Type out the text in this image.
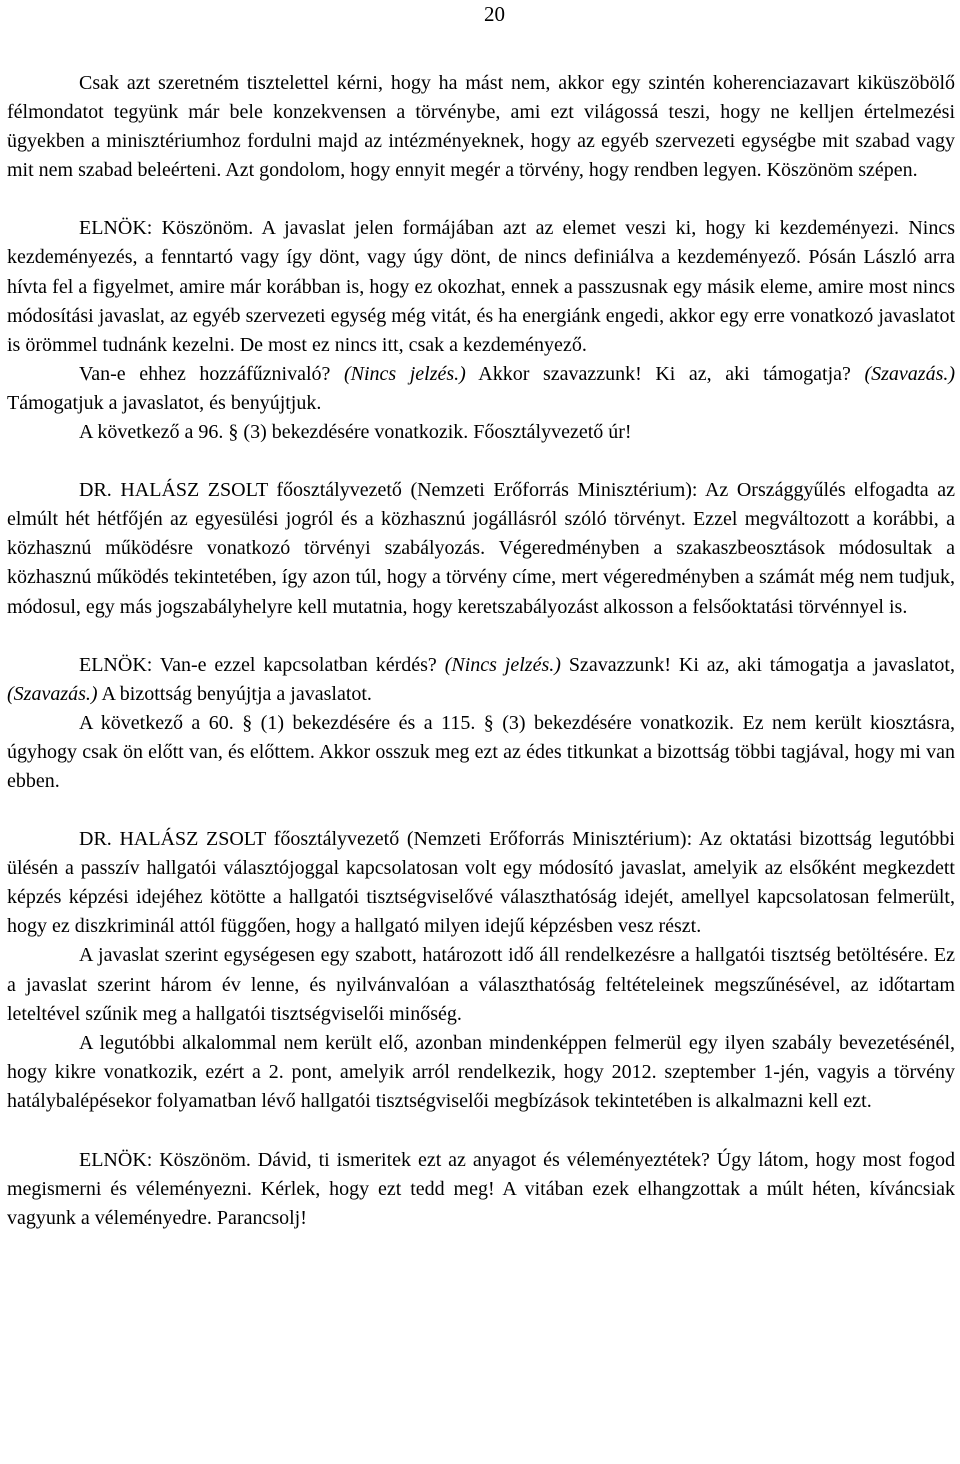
20

Csak azt szeretném tisztelettel kérni, hogy ha mást nem, akkor egy szintén koherenciazavart kiküszöbölő félmondatot tegyünk már bele konzekvensen a törvénybe, ami ezt világossá teszi, hogy ne kelljen értelmezési ügyekben a minisztériumhoz fordulni majd az intézményeknek, hogy az egyéb szervezeti egységbe mit szabad vagy mit nem szabad beleérteni. Azt gondolom, hogy ennyit megér a törvény, hogy rendben legyen. Köszönöm szépen.

ELNÖK: Köszönöm. A javaslat jelen formájában azt az elemet veszi ki, hogy ki kezdeményezi. Nincs kezdeményezés, a fenntartó vagy így dönt, vagy úgy dönt, de nincs definiálva a kezdeményező. Pósán László arra hívta fel a figyelmet, amire már korábban is, hogy ez okozhat, ennek a passzusnak egy másik eleme, amire most nincs módosítási javaslat, az egyéb szervezeti egység még vitát, és ha energiánk engedi, akkor egy erre vonatkozó javaslatot is örömmel tudnánk kezelni. De most ez nincs itt, csak a kezdeményező.

Van-e ehhez hozzáfűznivaló? (Nincs jelzés.) Akkor szavazzunk! Ki az, aki támogatja? (Szavazás.) Támogatjuk a javaslatot, és benyújtjuk.

A következő a 96. § (3) bekezdésére vonatkozik. Főosztályvezető úr!

DR. HALÁSZ ZSOLT főosztályvezető (Nemzeti Erőforrás Minisztérium): Az Országgyűlés elfogadta az elmúlt hét hétfőjén az egyesülési jogról és a közhasznú jogállásról szóló törvényt. Ezzel megváltozott a korábbi, a közhasznú működésre vonatkozó törvényi szabályozás. Végeredményben a szakaszbeosztások módosultak a közhasznú működés tekintetében, így azon túl, hogy a törvény címe, mert végeredményben a számát még nem tudjuk, módosul, egy más jogszabályhelyre kell mutatnia, hogy keretszabályozást alkosson a felsőoktatási törvénnyel is.

ELNÖK: Van-e ezzel kapcsolatban kérdés? (Nincs jelzés.) Szavazzunk! Ki az, aki támogatja a javaslatot, (Szavazás.) A bizottság benyújtja a javaslatot.

A következő a 60. § (1) bekezdésére és a 115. § (3) bekezdésére vonatkozik. Ez nem került kiosztásra, úgyhogy csak ön előtt van, és előttem. Akkor osszuk meg ezt az édes titkunkat a bizottság többi tagjával, hogy mi van ebben.

DR. HALÁSZ ZSOLT főosztályvezető (Nemzeti Erőforrás Minisztérium): Az oktatási bizottság legutóbbi ülésén a passzív hallgatói választójoggal kapcsolatosan volt egy módosító javaslat, amelyik az elsőként megkezdett képzés képzési idejéhez kötötte a hallgatói tisztségviselővé választhatóság idejét, amellyel kapcsolatosan felmerült, hogy ez diszkriminál attól függően, hogy a hallgató milyen idejű képzésben vesz részt.

A javaslat szerint egységesen egy szabott, határozott idő áll rendelkezésre a hallgatói tisztség betöltésére. Ez a javaslat szerint három év lenne, és nyilvánvalóan a választhatóság feltételeinek megszűnésével, az időtartam leteltével szűnik meg a hallgatói tisztségviselői minőség.

A legutóbbi alkalommal nem került elő, azonban mindenképpen felmerül egy ilyen szabály bevezetésénél, hogy kikre vonatkozik, ezért a 2. pont, amelyik arról rendelkezik, hogy 2012. szeptember 1-jén, vagyis a törvény hatálybalépésekor folyamatban lévő hallgatói tisztségviselői megbízások tekintetében is alkalmazni kell ezt.

ELNÖK: Köszönöm. Dávid, ti ismeritek ezt az anyagot és véleményeztétek? Úgy látom, hogy most fogod megismerni és véleményezni. Kérlek, hogy ezt tedd meg! A vitában ezek elhangzottak a múlt héten, kíváncsiak vagyunk a véleményedre. Parancsolj!
